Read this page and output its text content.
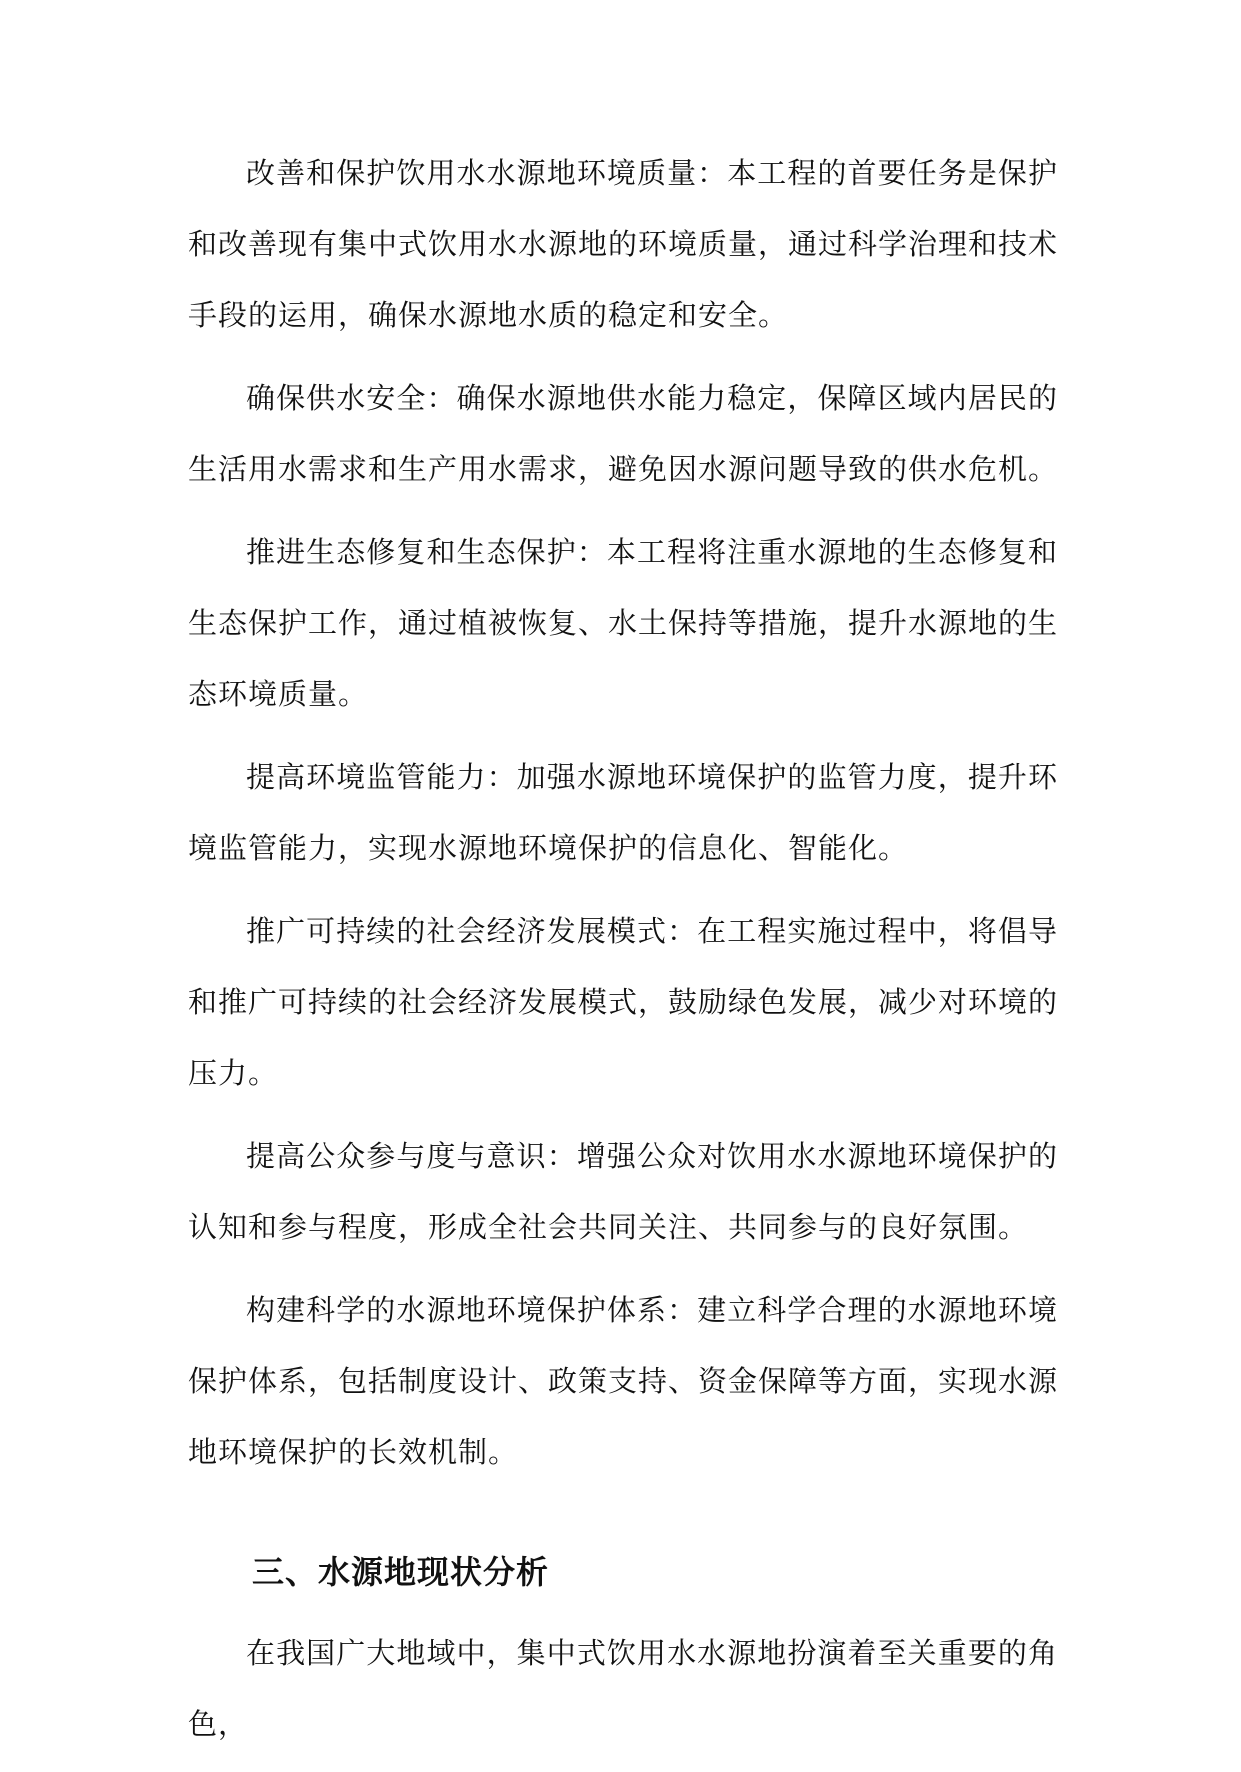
改善和保护饮用水水源地环境质量：本工程的首要任务是保护和改善现有集中式饮用水水源地的环境质量，通过科学治理和技术手段的运用，确保水源地水质的稳定和安全。

确保供水安全：确保水源地供水能力稳定，保障区域内居民的生活用水需求和生产用水需求，避免因水源问题导致的供水危机。

推进生态修复和生态保护：本工程将注重水源地的生态修复和生态保护工作，通过植被恢复、水土保持等措施，提升水源地的生态环境质量。

提高环境监管能力：加强水源地环境保护的监管力度，提升环境监管能力，实现水源地环境保护的信息化、智能化。

推广可持续的社会经济发展模式：在工程实施过程中，将倡导和推广可持续的社会经济发展模式，鼓励绿色发展，减少对环境的压力。

提高公众参与度与意识：增强公众对饮用水水源地环境保护的认知和参与程度，形成全社会共同关注、共同参与的良好氛围。

构建科学的水源地环境保护体系：建立科学合理的水源地环境保护体系，包括制度设计、政策支持、资金保障等方面，实现水源地环境保护的长效机制。

三、水源地现状分析

在我国广大地域中，集中式饮用水水源地扮演着至关重要的角色，
